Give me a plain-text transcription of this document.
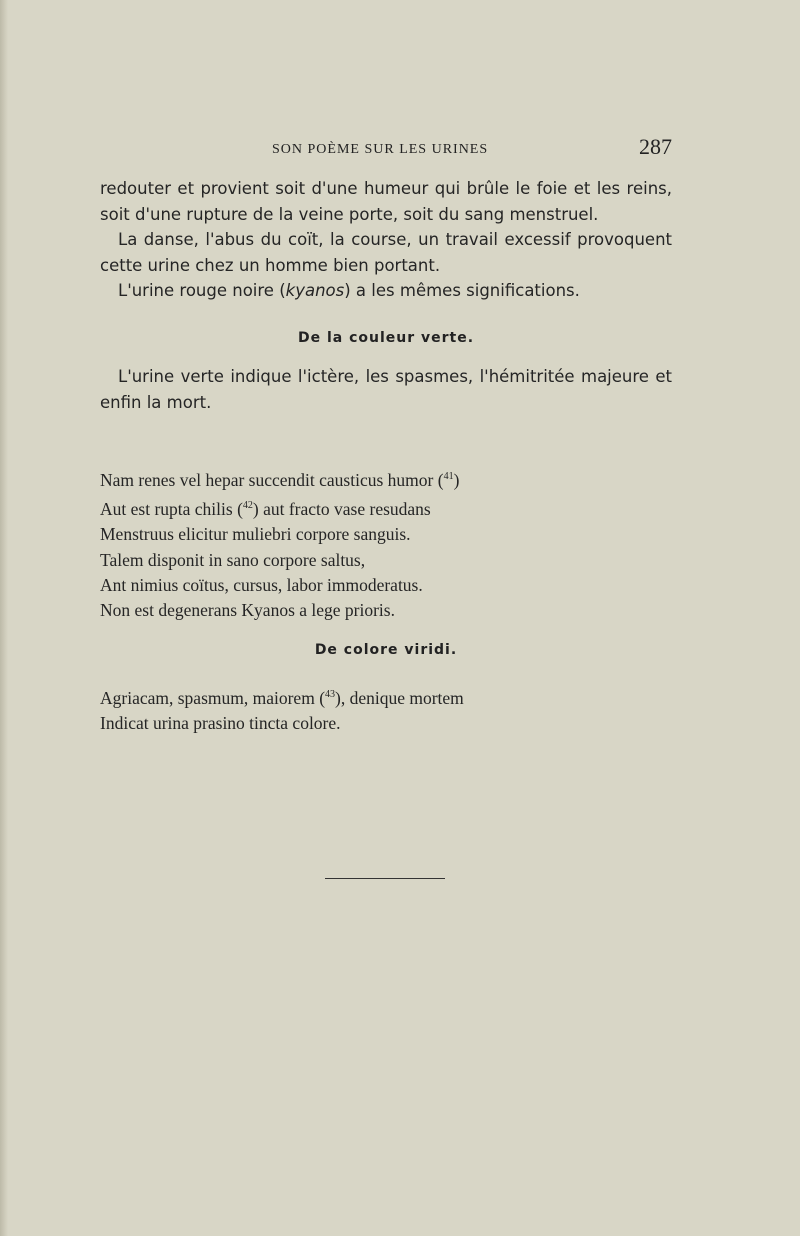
SON POÈME SUR LES URINES	287

redouter et provient soit d'une humeur qui brûle le foie et les reins, soit d'une rupture de la veine porte, soit du sang menstruel.

La danse, l'abus du coït, la course, un travail excessif provoquent cette urine chez un homme bien portant.

L'urine rouge noire (kyanos) a les mêmes significations.

De la couleur verte.

L'urine verte indique l'ictère, les spasmes, l'hémitritée majeure et enfin la mort.

Nam renes vel hepar succendit causticus humor ($^{41}$)
Aut est rupta chilis ($^{42}$) aut fracto vase resudans
Menstruus elicitur muliebri corpore sanguis.
Talem disponit in sano corpore saltus,
Ant nimius coïtus, cursus, labor immoderatus.
Non est degenerans Kyanos a lege prioris.
De colore viridi.
Agriacam, spasmum, maiorem ($^{43}$), denique mortem
Indicat urina prasino tincta colore.
